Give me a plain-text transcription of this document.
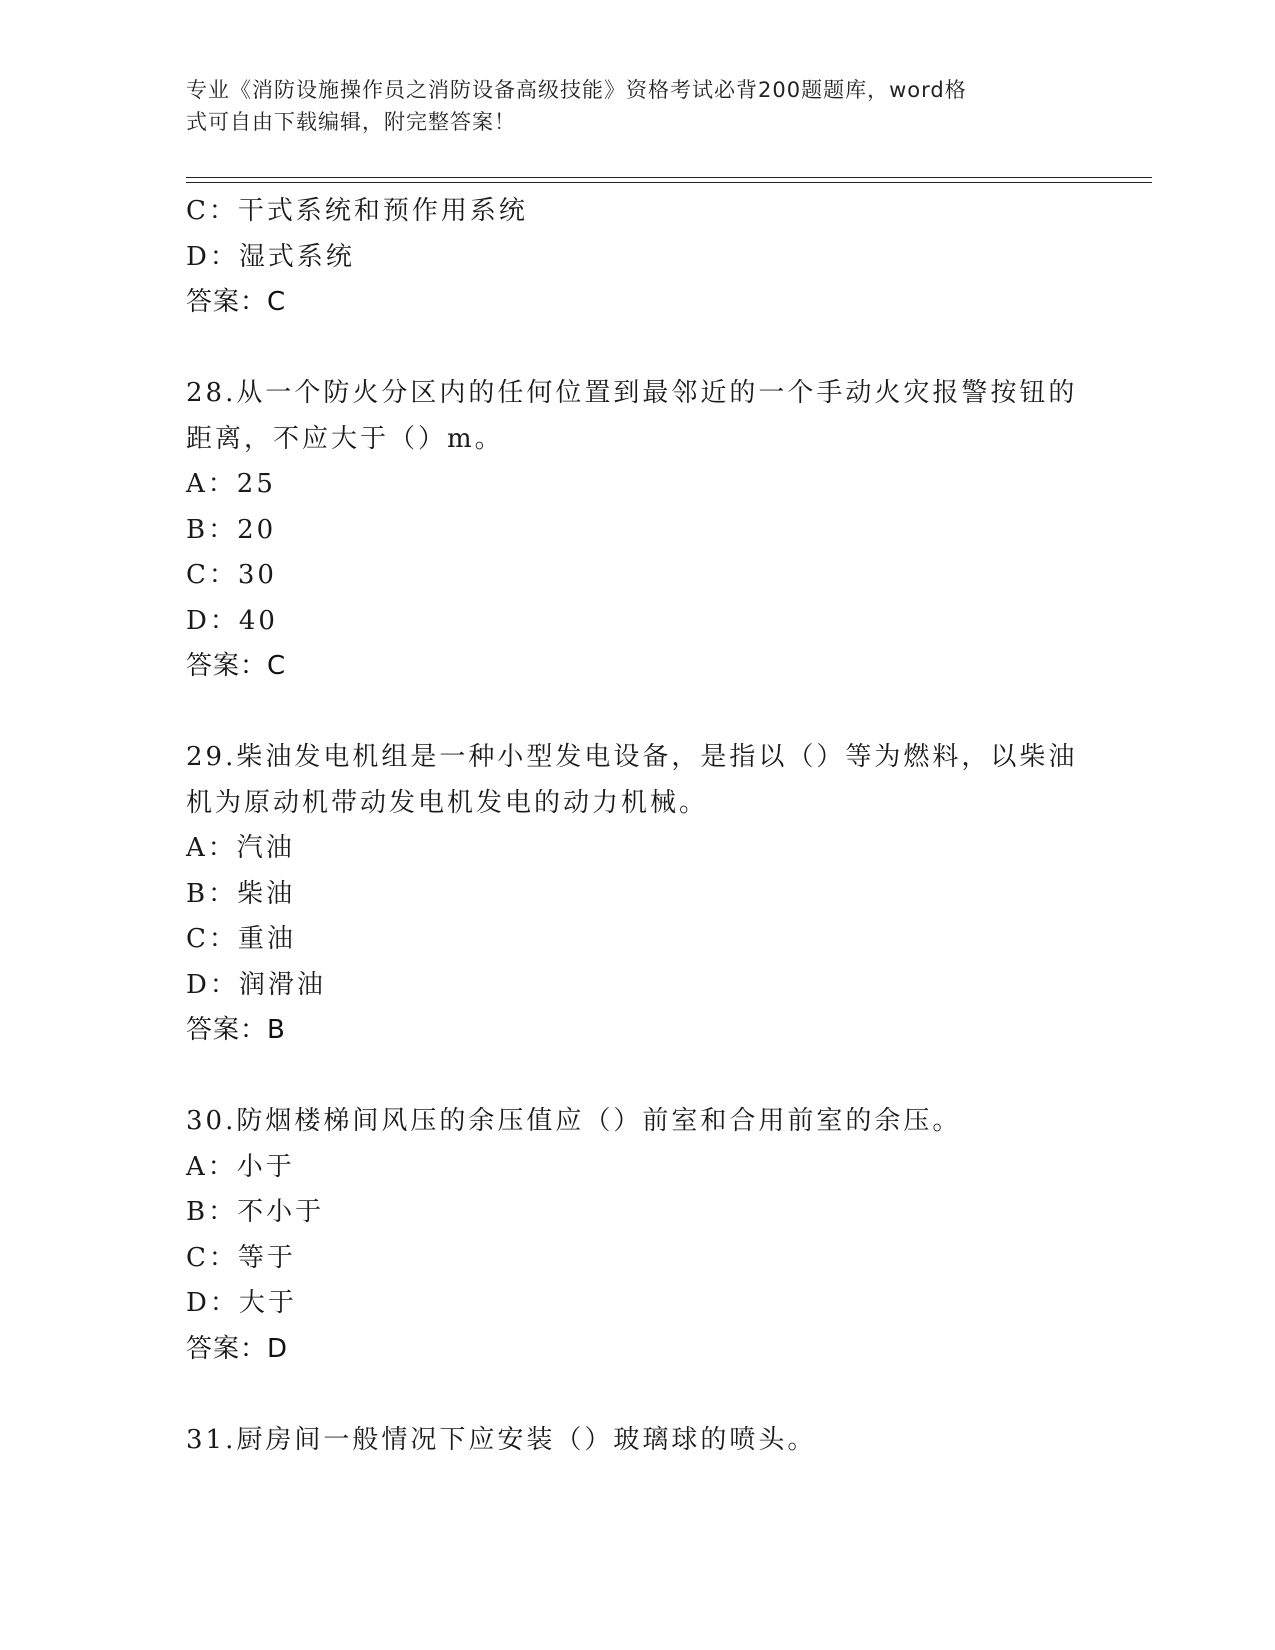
专业《消防设施操作员之消防设备高级技能》资格考试必背200题题库，word格
式可自由下载编辑，附完整答案！
C：干式系统和预作用系统
D：湿式系统
答案：C
28.从一个防火分区内的任何位置到最邻近的一个手动火灾报警按钮的
距离，不应大于（）m。
A：25
B：20
C：30
D：40
答案：C
29.柴油发电机组是一种小型发电设备，是指以（）等为燃料，以柴油
机为原动机带动发电机发电的动力机械。
A：汽油
B：柴油
C：重油
D：润滑油
答案：B
30.防烟楼梯间风压的余压值应（）前室和合用前室的余压。
A：小于
B：不小于
C：等于
D：大于
答案：D
31.厨房间一般情况下应安装（）玻璃球的喷头。
